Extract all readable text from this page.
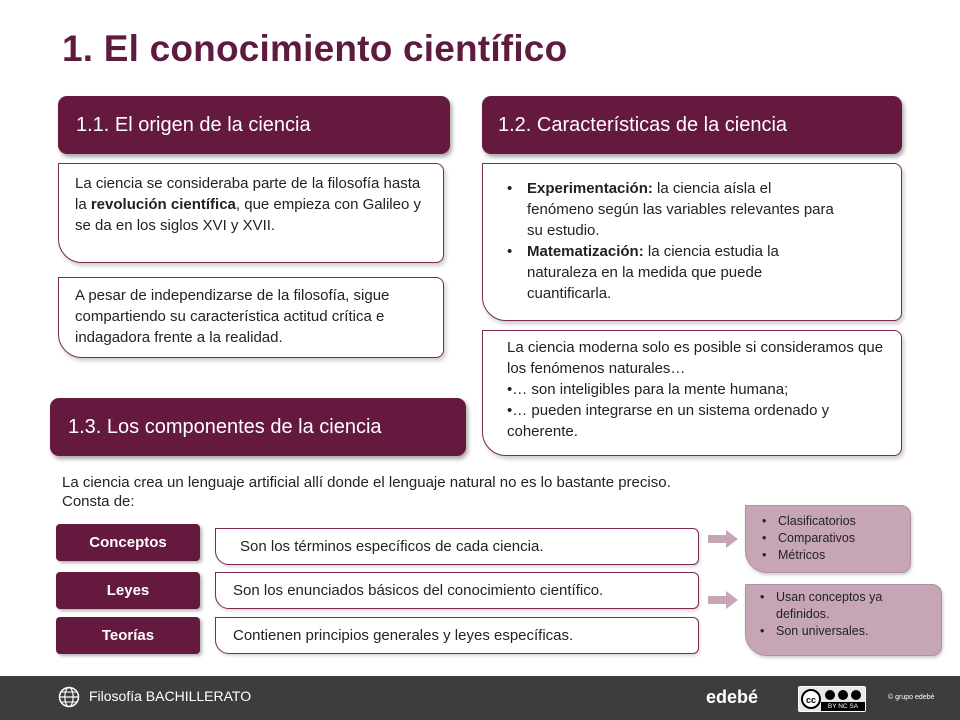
1. El conocimiento científico
1.1. El origen de la ciencia
La ciencia se consideraba parte de la filosofía hasta la revolución científica, que empieza con Galileo y se da en los siglos XVI y XVII.
A pesar de independizarse de la filosofía, sigue compartiendo su característica actitud crítica e indagadora frente a la realidad.
1.2. Características de la ciencia
• Experimentación: la ciencia aísla el fenómeno según las variables relevantes para su estudio.
• Matematización: la ciencia estudia la naturaleza en la medida que puede cuantificarla.
La ciencia moderna solo es posible si consideramos que los fenómenos naturales…
•… son inteligibles para la mente humana;
•… pueden integrarse en un sistema ordenado y coherente.
1.3. Los componentes de la ciencia
La ciencia crea un lenguaje artificial allí donde el lenguaje natural no es lo bastante preciso.
Consta de:
Conceptos	Son los términos específicos de cada ciencia.
Leyes	Son los enunciados básicos del conocimiento científico.
Teorías	Contienen principios generales y leyes específicas.
• Clasificatorios
• Comparativos
• Métricos
• Usan conceptos ya definidos.
• Son universales.
Filosofía BACHILLERATO	edebé	cc
BY NC SA
© grupo edebé
